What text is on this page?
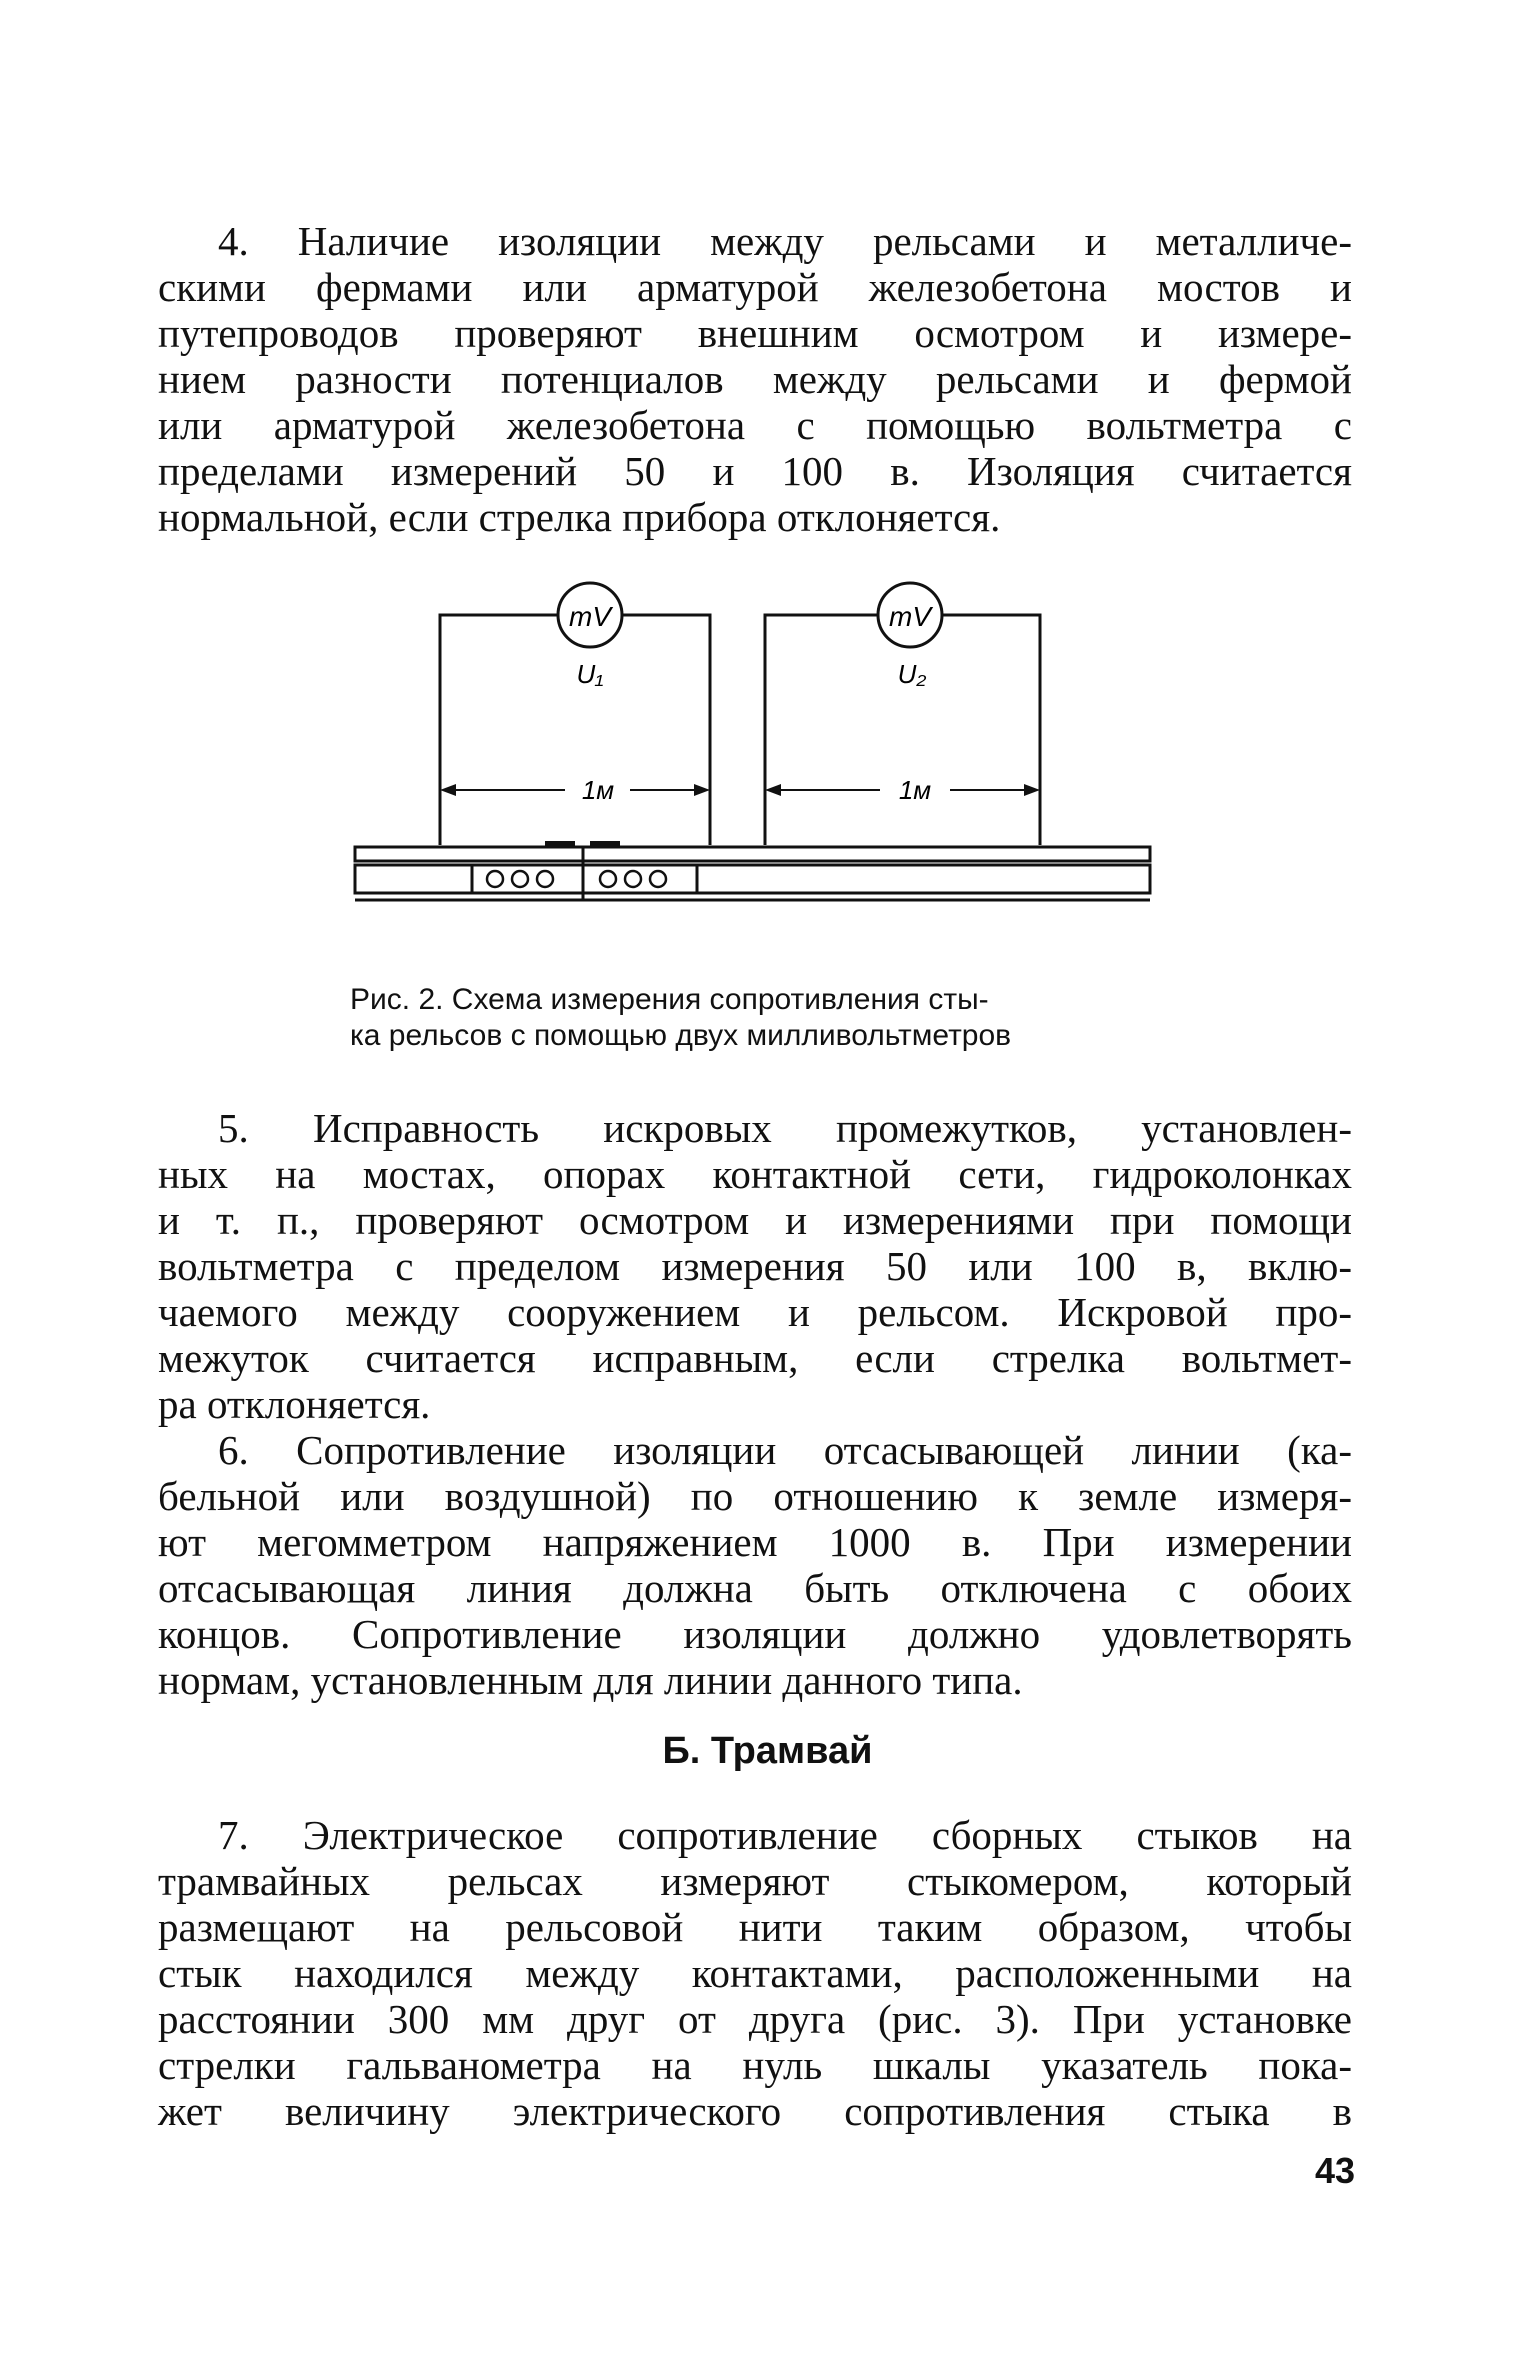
4. Наличие изоляции между рельсами и металличе-
скими фермами или арматурой железобетона мостов и
путепроводов проверяют внешним осмотром и измере-
нием разности потенциалов между рельсами и фермой
или арматурой железобетона с помощью вольтметра с
пределами измерений 50 и 100 в. Изоляция считается
нормальной, если стрелка прибора отклоняется.
mV	mV
U₁	U₂
1м	1м
Рис. 2. Схема измерения сопротивления сты-
ка рельсов с помощью двух милливольтметров
5. Исправность искровых промежутков, установлен-
ных на мостах, опорах контактной сети, гидроколонках
и т. п., проверяют осмотром и измерениями при помощи
вольтметра с пределом измерения 50 или 100 в, вклю-
чаемого между сооружением и рельсом. Искровой про-
межуток считается исправным, если стрелка вольтмет-
ра отклоняется.
6. Сопротивление изоляции отсасывающей линии (ка-
бельной или воздушной) по отношению к земле измеря-
ют мегомметром напряжением 1000 в. При измерении
отсасывающая линия должна быть отключена с обоих
концов. Сопротивление изоляции должно удовлетворять
нормам, установленным для линии данного типа.
Б. Трамвай
7. Электрическое сопротивление сборных стыков на
трамвайных рельсах измеряют стыкомером, который
размещают на рельсовой нити таким образом, чтобы
стык находился между контактами, расположенными на
расстоянии 300 мм друг от друга (рис. 3). При установке
стрелки гальванометра на нуль шкалы указатель пока-
жет величину электрического сопротивления стыка в
43
